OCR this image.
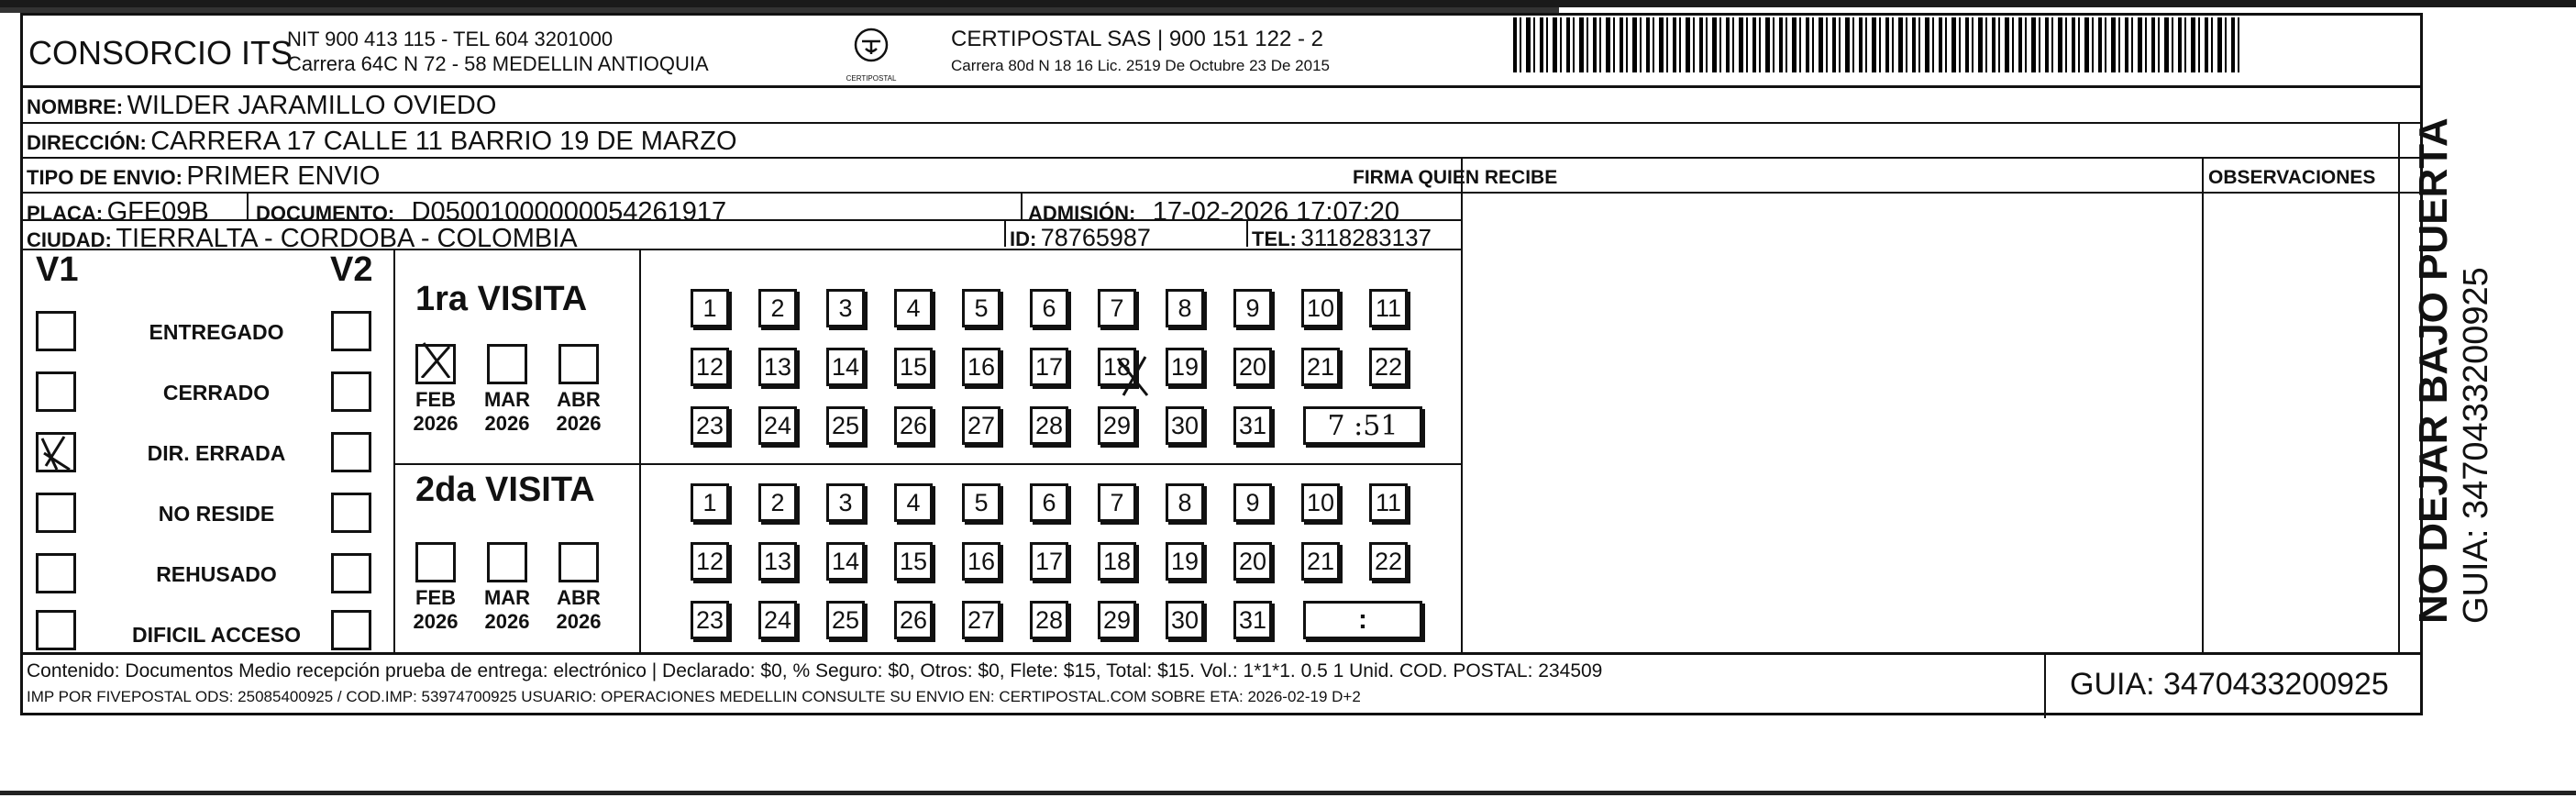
CONSORCIO ITS
NIT 900 413 115 - TEL 604 3201000
Carrera 64C N 72 - 58 MEDELLIN ANTIOQUIA
CERTIPOSTAL
CERTIPOSTAL SAS | 900 151 122 - 2
Carrera 80d N 18 16 Lic. 2519 De Octubre 23 De 2015
NOMBRE: WILDER JARAMILLO OVIEDO
DIRECCIÓN: CARRERA 17 CALLE 11 BARRIO 19 DE MARZO
TIPO DE ENVIO: PRIMER ENVIO	FIRMA QUIEN RECIBE	OBSERVACIONES
PLACA: GFE09B DOCUMENTO: D05001000000054261917	ADMISIÓN: 17-02-2026 17:07:20
CIUDAD: TIERRALTA - CORDOBA - COLOMBIA	ID: 78765987	TEL: 3118283137
V1	V2
ENTREGADO
CERRADO
DIR. ERRADA
NO RESIDE
REHUSADO
DIFICIL ACCESO
1ra VISITA
FEB
2026
MAR
2026
ABR
2026
1	2	3	4	5	6	7	8	9	10 11
12 13 14 15 16 17 18 19 20 21 22
23 24 25 26 27 28 29 30 31	7 :51
2da VISITA
FEB
2026
MAR
2026
ABR
2026
1	2	3	4	5	6	7	8	9	10 11
12 13 14 15 16 17 18 19 20 21 22
23 24 25 26 27 28 29 30 31	:
Contenido: Documentos Medio recepción prueba de entrega: electrónico | Declarado: $0, % Seguro: $0, Otros: $0, Flete: $15, Total: $15. Vol.: 1*1*1. 0.5 1 Unid. COD. POSTAL: 234509
IMP POR FIVEPOSTAL ODS: 25085400925 / COD.IMP: 53974700925 USUARIO: OPERACIONES MEDELLIN CONSULTE SU ENVIO EN: CERTIPOSTAL.COM SOBRE ETA: 2026-02-19 D+2	GUIA: 3470433200925
NO DEJAR BAJO PUERTA GUIA: 3470433200925
